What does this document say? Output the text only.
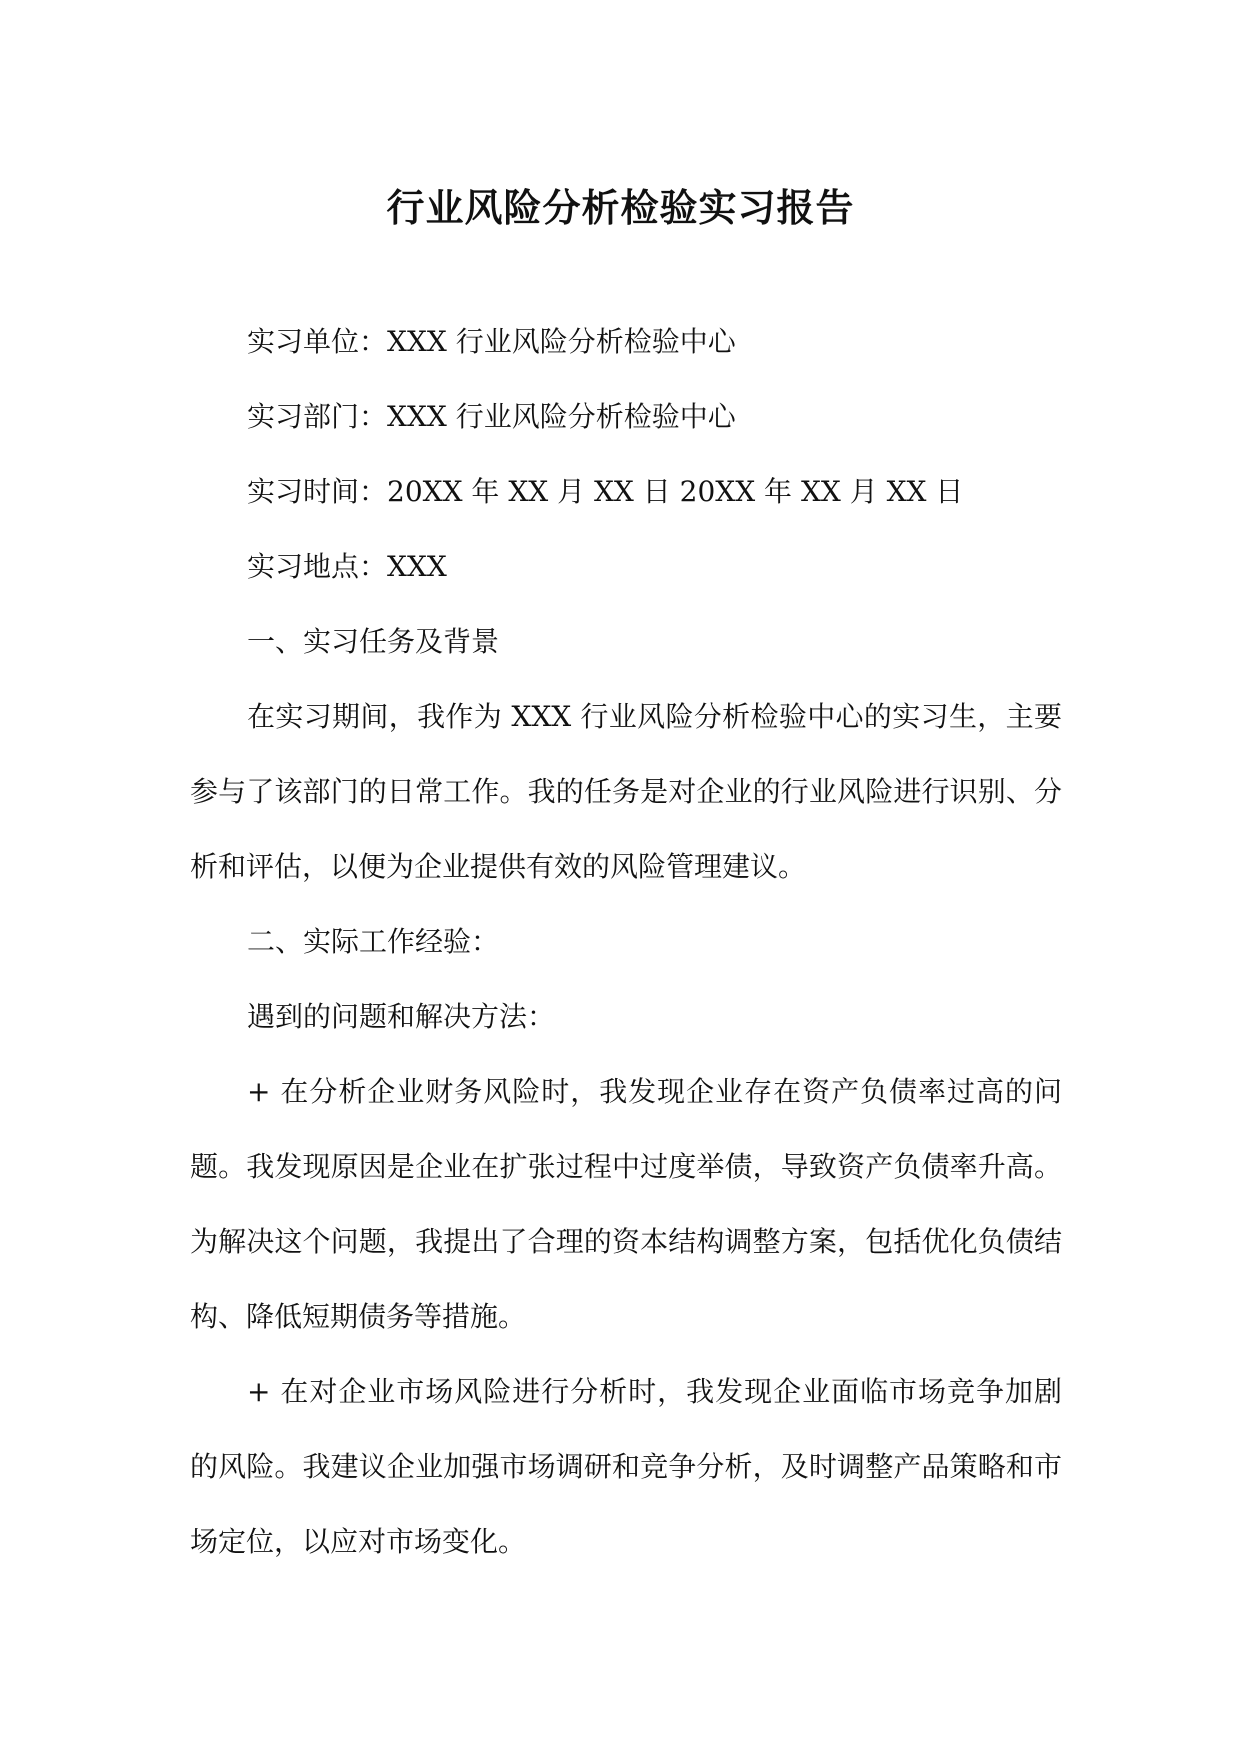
行业风险分析检验实习报告

实习单位：XXX 行业风险分析检验中心

实习部门：XXX 行业风险分析检验中心

实习时间：20XX 年 XX 月 XX 日 20XX 年 XX 月 XX 日

实习地点：XXX

一、实习任务及背景

在实习期间，我作为 XXX 行业风险分析检验中心的实习生，主要参与了该部门的日常工作。我的任务是对企业的行业风险进行识别、分析和评估，以便为企业提供有效的风险管理建议。

二、实际工作经验：
遇到的问题和解决方法：

+ 在分析企业财务风险时，我发现企业存在资产负债率过高的问题。我发现原因是企业在扩张过程中过度举债，导致资产负债率升高。为解决这个问题，我提出了合理的资本结构调整方案，包括优化负债结构、降低短期债务等措施。

+ 在对企业市场风险进行分析时，我发现企业面临市场竞争加剧的风险。我建议企业加强市场调研和竞争分析，及时调整产品策略和市场定位，以应对市场变化。
